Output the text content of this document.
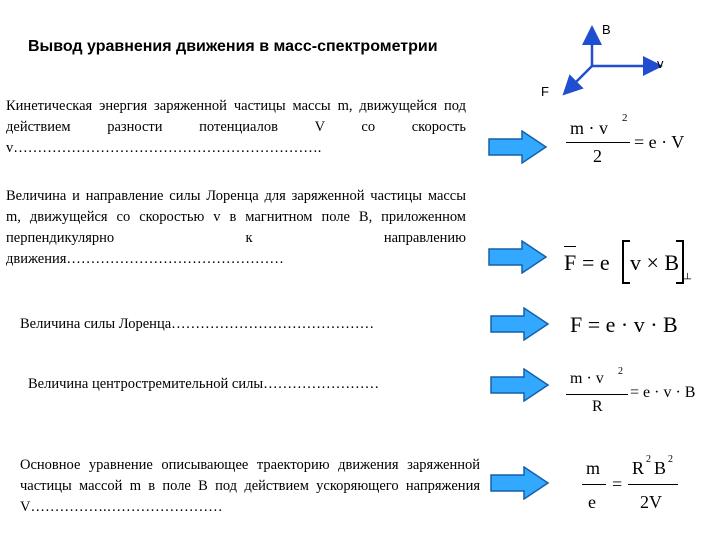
Вывод уравнения движения в масс-спектрометрии
B
v
F
Кинетическая энергия заряженной частицы массы m, движущейся под действием разности потенциалов V со скорость v……………………………………………………….
Величина и направление силы Лоренца для заряженной частицы массы m, движущейся со скоростью v в магнитном поле B, приложенном перпендикулярно к направлению движения………………………………………
Величина силы Лоренца……………………………………
Величина центростремительной силы……………………
Основное уравнение описывающее траекторию движения заряженной частицы массой m в поле B под действием ускоряющего напряжения V…………….……………………
m · v 2
2
= e · V
F = e v × B
┴
F = e · v · B
m · v 2
R
= e · v · B
m
e
=
R 2 B 2
2V
